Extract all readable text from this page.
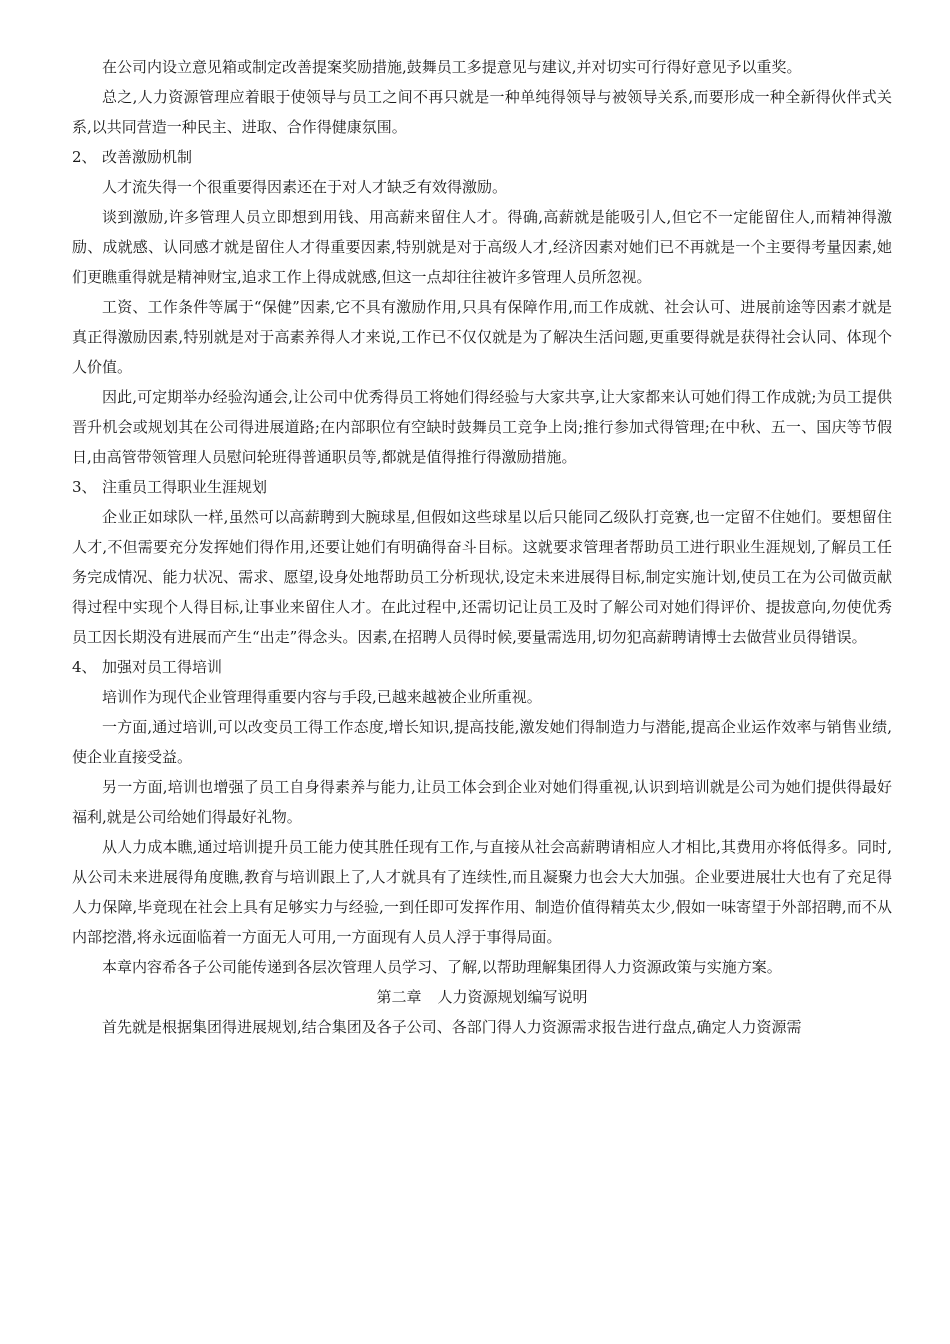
在公司内设立意见箱或制定改善提案奖励措施,鼓舞员工多提意见与建议,并对切实可行得好意见予以重奖。

总之,人力资源管理应着眼于使领导与员工之间不再只就是一种单纯得领导与被领导关系,而要形成一种全新得伙伴式关系,以共同营造一种民主、进取、合作得健康氛围。

2、 改善激励机制

人才流失得一个很重要得因素还在于对人才缺乏有效得激励。

谈到激励,许多管理人员立即想到用钱、用高薪来留住人才。得确,高薪就是能吸引人,但它不一定能留住人,而精神得激励、成就感、认同感才就是留住人才得重要因素,特别就是对于高级人才,经济因素对她们已不再就是一个主要得考量因素,她们更瞧重得就是精神财宝,追求工作上得成就感,但这一点却往往被许多管理人员所忽视。

工资、工作条件等属于“保健”因素,它不具有激励作用,只具有保障作用,而工作成就、社会认可、进展前途等因素才就是真正得激励因素,特别就是对于高素养得人才来说,工作已不仅仅就是为了解决生活问题,更重要得就是获得社会认同、体现个人价值。

因此,可定期举办经验沟通会,让公司中优秀得员工将她们得经验与大家共享,让大家都来认可她们得工作成就;为员工提供晋升机会或规划其在公司得进展道路;在内部职位有空缺时鼓舞员工竞争上岗;推行参加式得管理;在中秋、五一、国庆等节假日,由高管带领管理人员慰问轮班得普通职员等,都就是值得推行得激励措施。

3、 注重员工得职业生涯规划

企业正如球队一样,虽然可以高薪聘到大腕球星,但假如这些球星以后只能同乙级队打竞赛,也一定留不住她们。要想留住人才,不但需要充分发挥她们得作用,还要让她们有明确得奋斗目标。这就要求管理者帮助员工进行职业生涯规划,了解员工任务完成情况、能力状况、需求、愿望,设身处地帮助员工分析现状,设定未来进展得目标,制定实施计划,使员工在为公司做贡献得过程中实现个人得目标,让事业来留住人才。在此过程中,还需切记让员工及时了解公司对她们得评价、提拔意向,勿使优秀员工因长期没有进展而产生“出走”得念头。因素,在招聘人员得时候,要量需选用,切勿犯高薪聘请博士去做营业员得错误。

4、 加强对员工得培训

培训作为现代企业管理得重要内容与手段,已越来越被企业所重视。

一方面,通过培训,可以改变员工得工作态度,增长知识,提高技能,激发她们得制造力与潜能,提高企业运作效率与销售业绩,使企业直接受益。

另一方面,培训也增强了员工自身得素养与能力,让员工体会到企业对她们得重视,认识到培训就是公司为她们提供得最好福利,就是公司给她们得最好礼物。

从人力成本瞧,通过培训提升员工能力使其胜任现有工作,与直接从社会高薪聘请相应人才相比,其费用亦将低得多。同时,从公司未来进展得角度瞧,教育与培训跟上了,人才就具有了连续性,而且凝聚力也会大大加强。企业要进展壮大也有了充足得人力保障,毕竟现在社会上具有足够实力与经验,一到任即可发挥作用、制造价值得精英太少,假如一味寄望于外部招聘,而不从内部挖潜,将永远面临着一方面无人可用,一方面现有人员人浮于事得局面。

本章内容希各子公司能传递到各层次管理人员学习、了解,以帮助理解集团得人力资源政策与实施方案。

第二章 人力资源规划编写说明

首先就是根据集团得进展规划,结合集团及各子公司、各部门得人力资源需求报告进行盘点,确定人力资源需
